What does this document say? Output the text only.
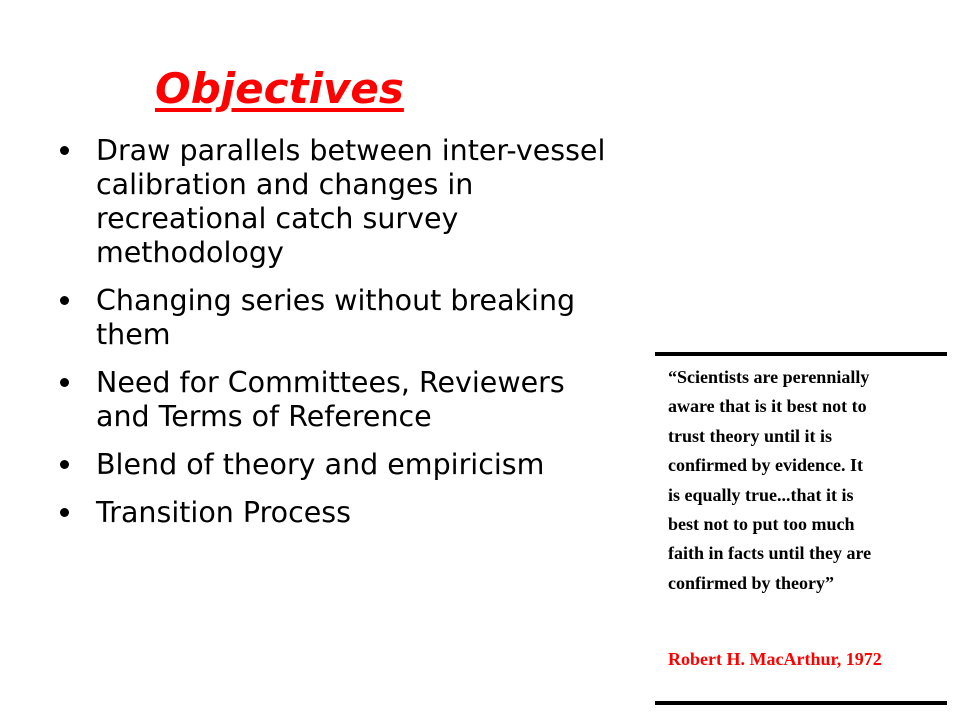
Objectives
Draw parallels between inter-vessel calibration and changes in recreational catch survey methodology
Changing series without breaking them
Need for Committees, Reviewers and Terms of Reference
Blend of theory and empiricism
Transition Process

“Scientists are perennially
aware that is it best not to
trust theory until it is
confirmed by evidence. It
is equally true...that it is
best not to put too much
faith in facts until they are
confirmed by theory”

Robert H. MacArthur, 1972
